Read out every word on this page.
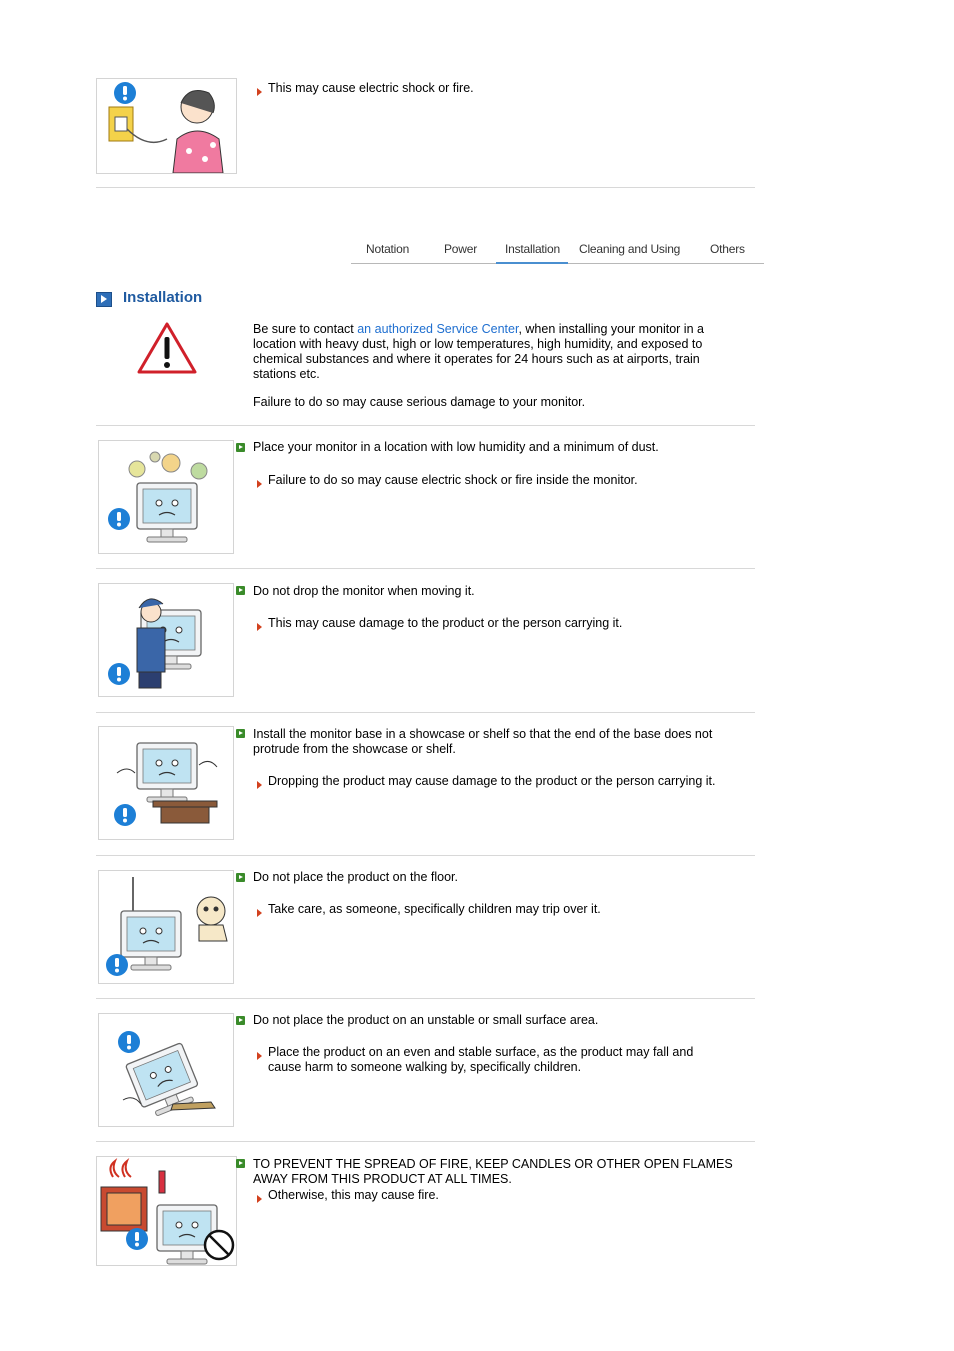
This may cause electric shock or fire.
Notation	Power Installation Cleaning and Using Others
Installation
Be sure to contact an authorized Service Center, when installing your monitor in a location with heavy dust, high or low temperatures, high humidity, and exposed to chemical substances and where it operates for 24 hours such as at airports, train stations etc.
Failure to do so may cause serious damage to your monitor.
Place your monitor in a location with low humidity and a minimum of dust.
Failure to do so may cause electric shock or fire inside the monitor.
Do not drop the monitor when moving it.
This may cause damage to the product or the person carrying it.
Install the monitor base in a showcase or shelf so that the end of the base does not protrude from the showcase or shelf.
Dropping the product may cause damage to the product or the person carrying it.
Do not place the product on the floor.
Take care, as someone, specifically children may trip over it.
Do not place the product on an unstable or small surface area.
Place the product on an even and stable surface, as the product may fall and cause harm to someone walking by, specifically children.
TO PREVENT THE SPREAD OF FIRE, KEEP CANDLES OR OTHER OPEN FLAMES AWAY FROM THIS PRODUCT AT ALL TIMES.
Otherwise, this may cause fire.
